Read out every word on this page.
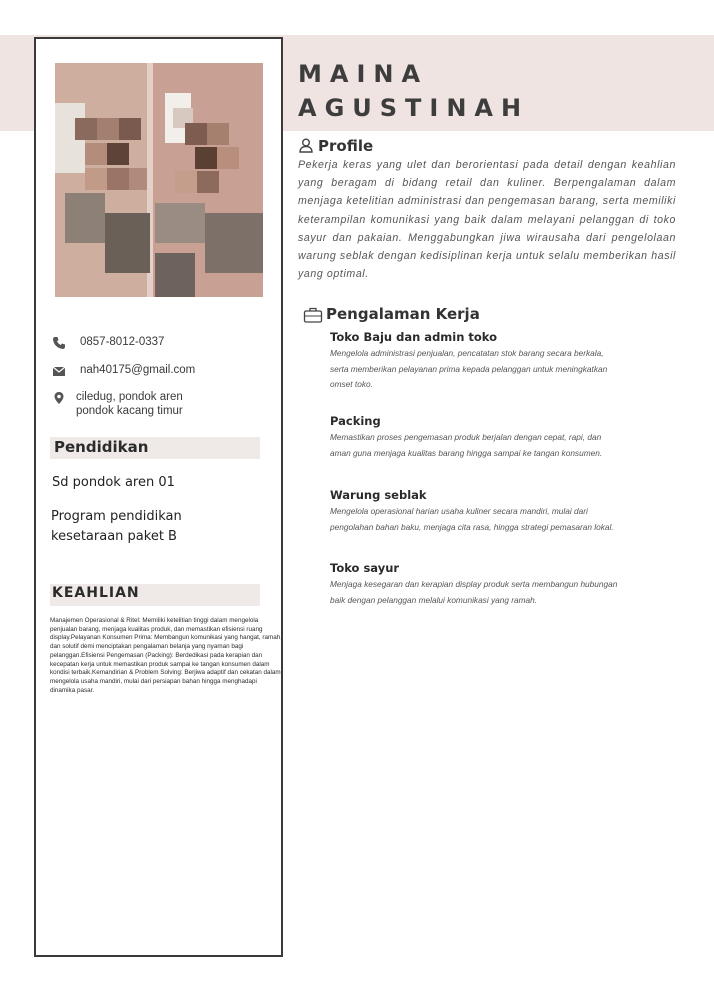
0857-8012-0337
nah40175@gmail.com
ciledug, pondok aren
pondok kacang timur
Pendidikan
Sd pondok aren 01
Program pendidikan
kesetaraan paket B
KEAHLIAN
Manajemen Operasional & Ritel: Memiliki ketelitian tinggi dalam mengelola penjualan barang, menjaga kualitas produk, dan memastikan efisiensi ruang display.Pelayanan Konsumen Prima: Membangun komunikasi yang hangat, ramah, dan solutif demi menciptakan pengalaman belanja yang nyaman bagi pelanggan.Efisiensi Pengemasan (Packing): Berdedikasi pada kerapian dan kecepatan kerja untuk memastikan produk sampai ke tangan konsumen dalam kondisi terbaik.Kemandirian & Problem Solving: Berjiwa adaptif dan cekatan dalam mengelola usaha mandiri, mulai dari persiapan bahan hingga menghadapi dinamika pasar.
MAINA
AGUSTINAH
Profile
Pekerja keras yang ulet dan berorientasi pada detail dengan keahlian yang beragam di bidang retail dan kuliner. Berpengalaman dalam menjaga ketelitian administrasi dan pengemasan barang, serta memiliki keterampilan komunikasi yang baik dalam melayani pelanggan di toko sayur dan pakaian. Menggabungkan jiwa wirausaha dari pengelolaan warung seblak dengan kedisiplinan kerja untuk selalu memberikan hasil yang optimal.
Pengalaman Kerja
Toko Baju dan admin toko
Mengelola administrasi penjualan, pencatatan stok barang secara berkala, serta memberikan pelayanan prima kepada pelanggan untuk meningkatkan omset toko.
Packing
Memastikan proses pengemasan produk berjalan dengan cepat, rapi, dan aman guna menjaga kualitas barang hingga sampai ke tangan konsumen.
Warung seblak
Mengelola operasional harian usaha kuliner secara mandiri, mulai dari pengolahan bahan baku, menjaga cita rasa, hingga strategi pemasaran lokal.
Toko sayur
Menjaga kesegaran dan kerapian display produk serta membangun hubungan baik dengan pelanggan melalui komunikasi yang ramah.
